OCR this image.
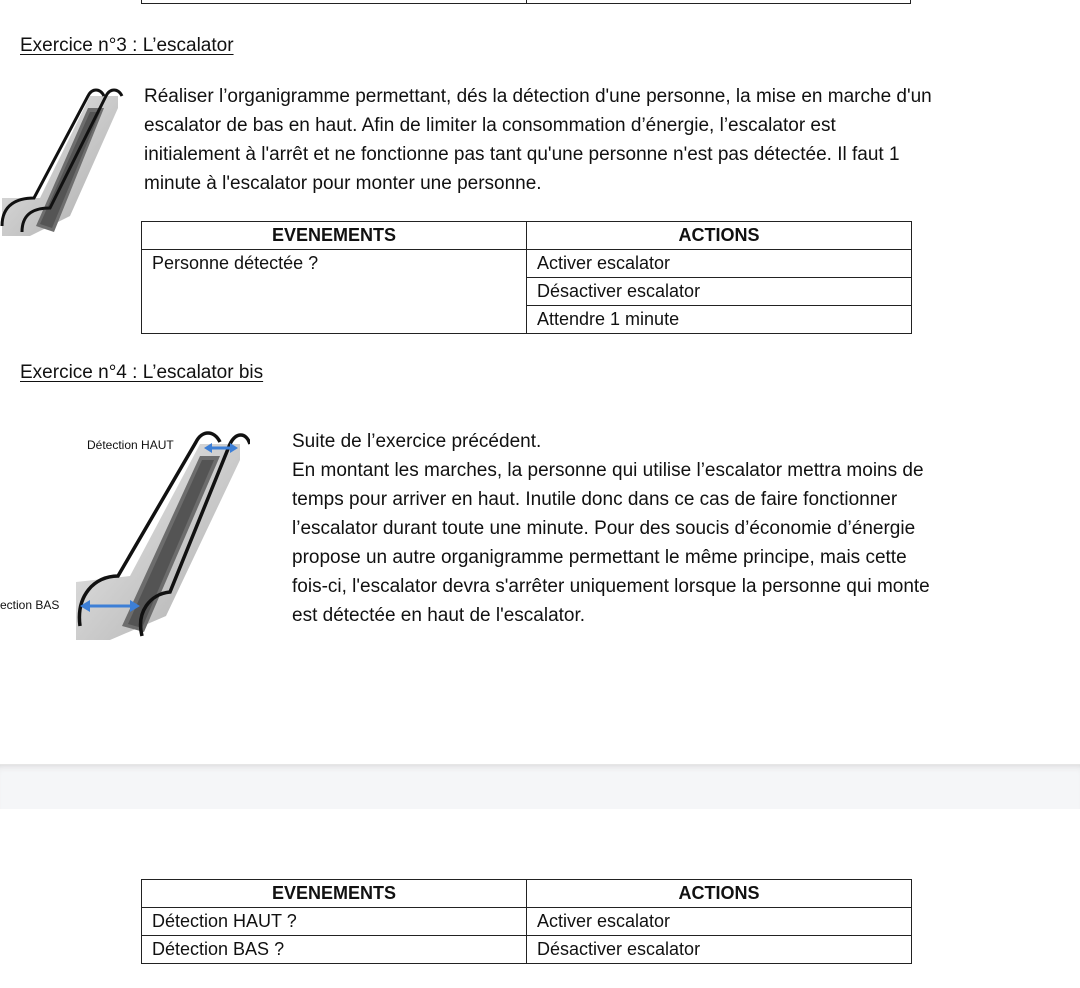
Exercice n°3 : L’escalator
Réaliser l’organigramme permettant, dés la détection d'une personne, la mise en marche d'un
escalator de bas en haut. Afin de limiter la consommation d’énergie, l’escalator est
initialement à l'arrêt et ne fonctionne pas tant qu'une personne n'est pas détectée. Il faut 1
minute à l'escalator pour monter une personne.
EVENEMENTS	ACTIONS
Personne détectée ?	Activer escalator
	Désactiver escalator
	Attendre 1 minute
Exercice n°4 : L’escalator bis
Détection HAUT
ection BAS
Suite de l’exercice précédent.
En montant les marches, la personne qui utilise l’escalator mettra moins de
temps pour arriver en haut. Inutile donc dans ce cas de faire fonctionner
l’escalator durant toute une minute. Pour des soucis d’économie d’énergie
propose un autre organigramme permettant le même principe, mais cette
fois-ci, l'escalator devra s'arrêter uniquement lorsque la personne qui monte
est détectée en haut de l'escalator.
EVENEMENTS	ACTIONS
Détection HAUT ?	Activer escalator
Détection BAS ?	Désactiver escalator
